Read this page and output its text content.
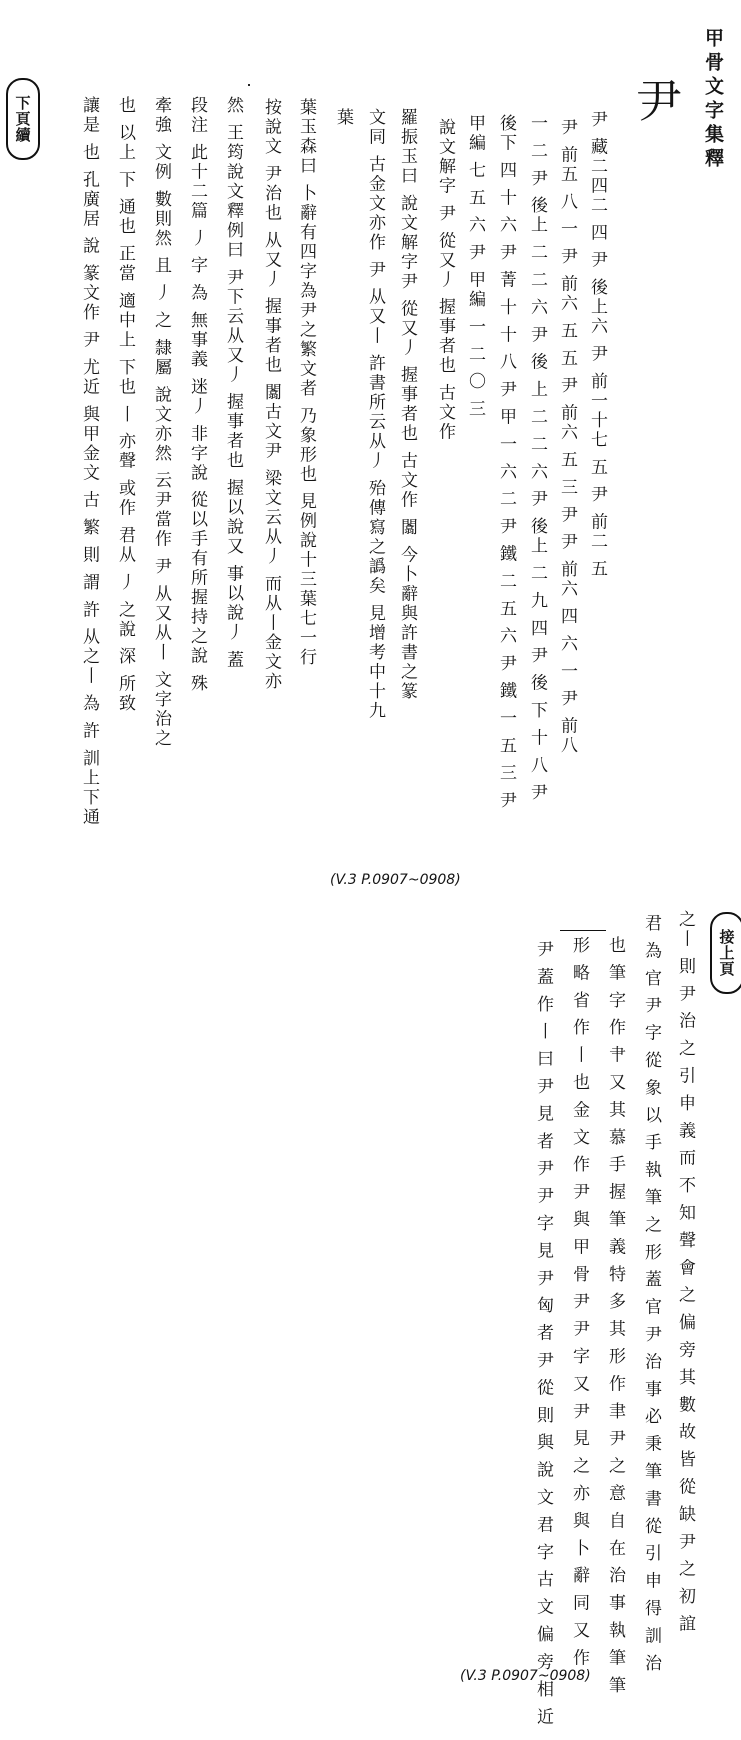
甲骨文字集釋
尹
下頁續	尹 藏二四二 四 尹 後上六 尹 前一十七 五 尹 前二 五
尹 前五 八 一 尹 前六 五 五 尹 前六 五 三 尹 尹 前六 四 六 一 尹 前八
一 二 尹 後上 二 二 六 尹 後 上 二 二 六 尹 後上 二 九 四 尹 後 下 十 八 尹
後下 四 十 六 尹 菁 十 十 八 尹 甲 一 六 二 尹 鐵 二 五 六 尹 鐵 一 五 三 尹
甲編 七 五 六 尹 甲編 一 二 〇 三
說文解字 尹 從又丿 握事者也 古文作
羅振玉曰 說文解字尹 從又丿 握事者也 古文作 闟 今卜辭與許書之篆
文同 古金文亦作 尹 从又丨 許書所云从丿 殆傳寫之譌矣 見增考中十九
葉
葉玉森曰 卜辭有四字為尹之繁文者 乃象形也 見例說十三葉七一行
按說文 尹治也 从又丿 握事者也 闟古文尹 梁文云从丿 而从丨金文亦
然 王筠說文釋例曰 尹下云从又丿 握事者也 握以說又 事以說丿 蓋
段注 此十二篇 丿 字 為 無事義 迷丿 非字說 從以手有所握持之說 殊
牽強 文例 數則然 且 丿 之 隸屬 說文亦然 云尹當作 尹 从又从丨 文字治之
也 以上 下 通也 正當 適中上 下也 丨 亦聲 或作 君从 丿 之說 深 所致
讓是 也 孔廣居 說 篆文作 尹 尤近 與甲金文 古 繁 則 謂 許 从之丨 為 許 訓上下通
(V.3 P.0907~0908)
接上頁
之丨 則 尹 治 之 引 申 義 而 不 知 聲 會 之 偏 旁 其 數 故 皆 從 缺 尹 之 初 誼
君 為 官 尹 字 從 象 以 手 執 筆 之 形 蓋 官 尹 治 事 必 秉 筆 書 從 引 申 得 訓 治
也 筆 字 作 肀 又 其 慕 手 握 筆 義 特 多 其 形 作 聿 尹 之 意 自 在 治 事 執 筆 筆
形 略 省 作 丨 也 金 文 作 尹 與 甲 骨 尹 尹 字 又 尹 見 之 亦 與 卜 辭 同 又 作
尹 蓋 作 丨 曰 尹 見 者 尹 尹 字 見 尹 匈 者 尹 從 則 與 說 文 君 字 古 文 偏 旁 相 近
(V.3 P.0907~0908)
